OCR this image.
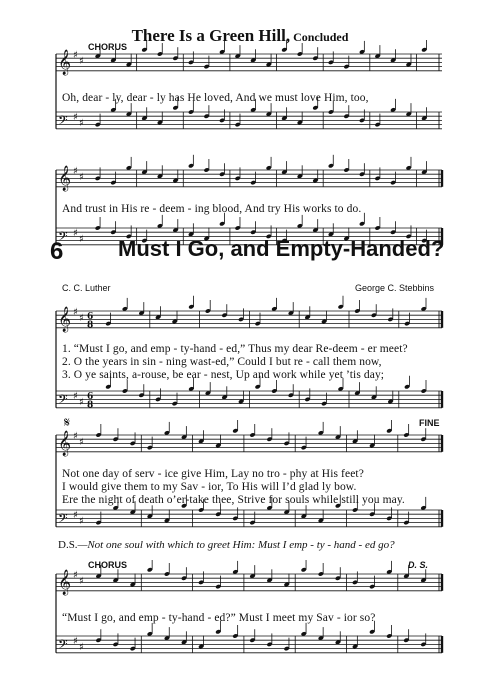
There Is a Green Hill, Concluded
CHORUS
𝄞 ♯
♯
𝄢 ♯
♯
Oh, dear - ly, dear - ly has He loved, And we must love Him, too,
𝄞 ♯
♯
𝄢 ♯
♯
And trust in His re - deem - ing blood, And try His works to do.
6 Must I Go, and Empty-Handed?
C. C. Luther	George C. Stebbins
𝄞 ♯
♯ 6
8
𝄢 ♯
♯ 6
8
1. “Must I go, and emp - ty-hand - ed,” Thus my dear Re-deem - er meet?
2. O the years in sin - ning wast-ed,” Could I but re - call them now,
3. O ye saints, a-rouse, be ear - nest, Up and work while yet ’tis day;
𝄋	FINE
𝄞 ♯
♯
𝄢 ♯
♯
Not one day of serv - ice give Him, Lay no tro - phy at His feet?
I would give them to my Sav - ior, To His will I’d glad ly bow.
Ere the night of death o’er-take thee, Strive for souls while still you may.
D.S.—Not one soul with which to greet Him: Must I emp - ty - hand - ed go?
CHORUS	D. S.
𝄞 ♯
♯
𝄢 ♯
♯
“Must I go, and emp - ty-hand - ed?” Must I meet my Sav - ior so?
